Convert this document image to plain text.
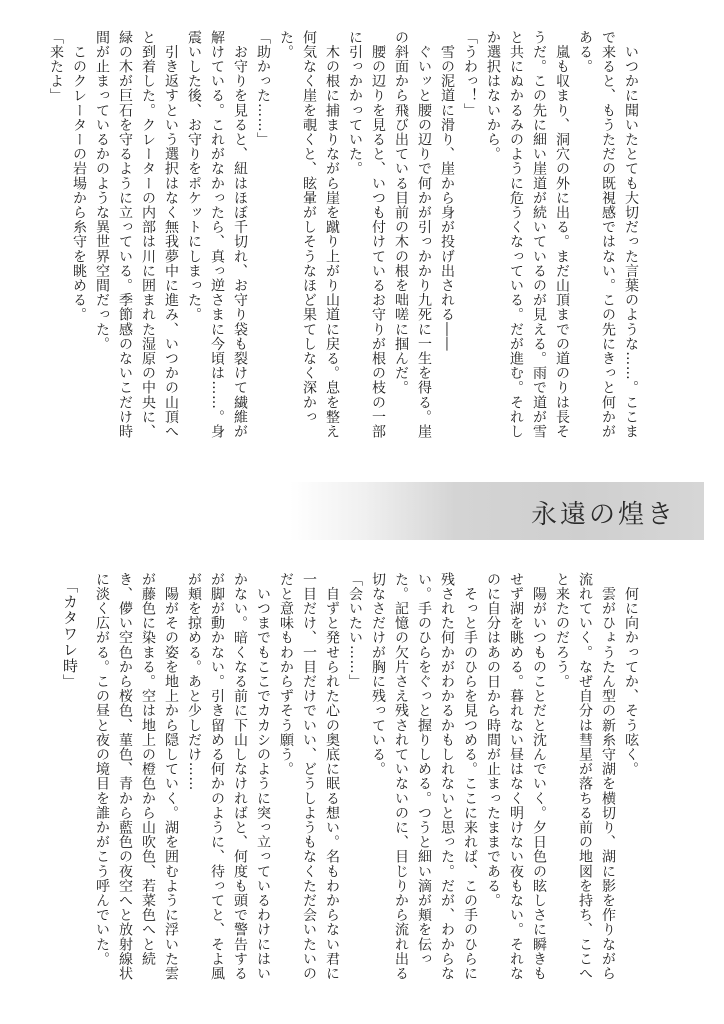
　いつかに聞いたとても大切だった言葉のような……。ここまで来ると、もうただの既視感ではない。この先にきっと何かがある。

　嵐も収まり、洞穴の外に出る。まだ山頂までの道のりは長そうだ。この先に細い崖道が続いているのが見える。雨で道が雪と共にぬかるみのように危うくなっている。だが進む。それしか選択はないから。

「うわっ！」

　雪の泥道に滑り、崖から身が投げ出される――

　ぐいッと腰の辺りで何かが引っかかり九死に一生を得る。崖の斜面から飛び出ている目前の木の根を咄嗟に掴んだ。

　腰の辺りを見ると、いつも付けているお守りが根の枝の一部に引っかかっていた。

　木の根に捕まりながら崖を蹴り上がり山道に戻る。息を整え何気なく崖を覗くと、眩暈がしそうなほど果てしなく深かった。

「助かった……」

　お守りを見ると、紐はほぼ千切れ、お守り袋も裂けて繊維が解けている。これがなかったら、真っ逆さまに今頃は……。身震いした後、お守りをポケットにしまった。

　引き返すという選択はなく無我夢中に進み、いつかの山頂へと到着した。クレーターの内部は川に囲まれた湿原の中央に、緑の木が巨石を守るように立っている。季節感のないこだけ時間が止まっているかのような異世界空間だった。

　このクレーターの岩場から糸守を眺める。

「来たよ」

永遠の煌き

　何に向かってか、そう呟く。

　雲がひょうたん型の新糸守湖を横切り、湖に影を作りながら流れていく。なぜ自分は彗星が落ちる前の地図を持ち、ここへと来たのだろう。

　陽がいつものことだと沈んでいく。夕日色の眩しさに瞬きもせず湖を眺める。暮れない昼はなく明けない夜もない。それなのに自分はあの日から時間が止まったままである。

　そっと手のひらを見つめる。ここに来れば、この手のひらに残された何かがわかるかもしれないと思った。だが、わからない。手のひらをぐっと握りしめる。つうと細い滴が頬を伝った。記憶の欠片さえ残されていないのに、目じりから流れ出る切なさだけが胸に残っている。

「会いたい……」

　自ずと発せられた心の奥底に眠る想い。名もわからない君に一目だけ、一目だけでいい、どうしようもなくただ会いたいのだと意味もわからずそう願う。

　いつまでもここでカカシのように突っ立っているわけにはいかない。暗くなる前に下山しなければと、何度も頭で警告するが脚が動かない。引き留める何かのように、待ってと、そよ風が頬を掠める。あと少しだけ……

　陽がその姿を地上から隠していく。湖を囲むように浮いた雲が藤色に染まる。空は地上の橙色から山吹色、若菜色へと続き、儚い空色から桜色、菫色、青から藍色の夜空へと放射線状に淡く広がる。この昼と夜の境目を誰かがこう呼んでいた。

「カタワレ時」
